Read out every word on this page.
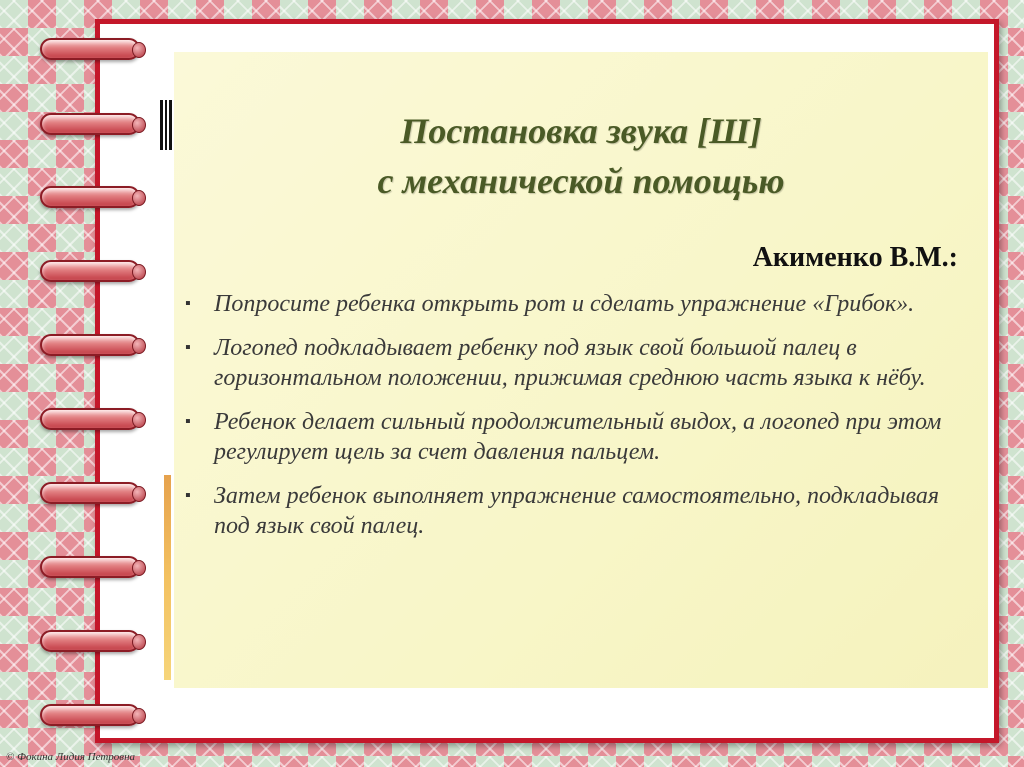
Постановка звука [Ш]
с механической помощью
Акименко В.М.:
▪ Попросите ребенка открыть рот и сделать упражнение «Грибок».
▪ Логопед подкладывает ребенку под язык свой большой палец в горизонтальном положении, прижимая среднюю часть языка к нёбу.
▪ Ребенок делает сильный продолжительный выдох, а логопед при этом регулирует щель за счет давления пальцем.
▪ Затем ребенок выполняет упражнение самостоятельно, подкладывая под язык свой палец.
© Фокина Лидия Петровна
